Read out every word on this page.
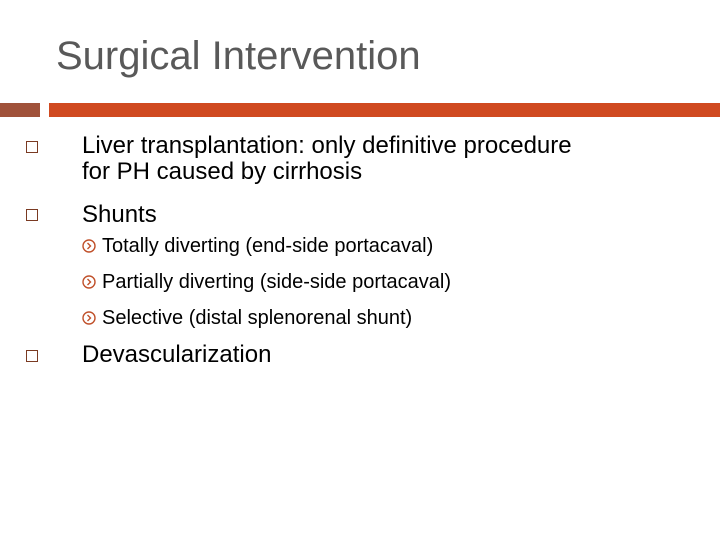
Surgical Intervention
Liver transplantation: only definitive procedure
for PH caused by cirrhosis
Shunts
Totally diverting (end-side portacaval)
Partially diverting (side-side portacaval)
Selective (distal splenorenal shunt)
Devascularization
